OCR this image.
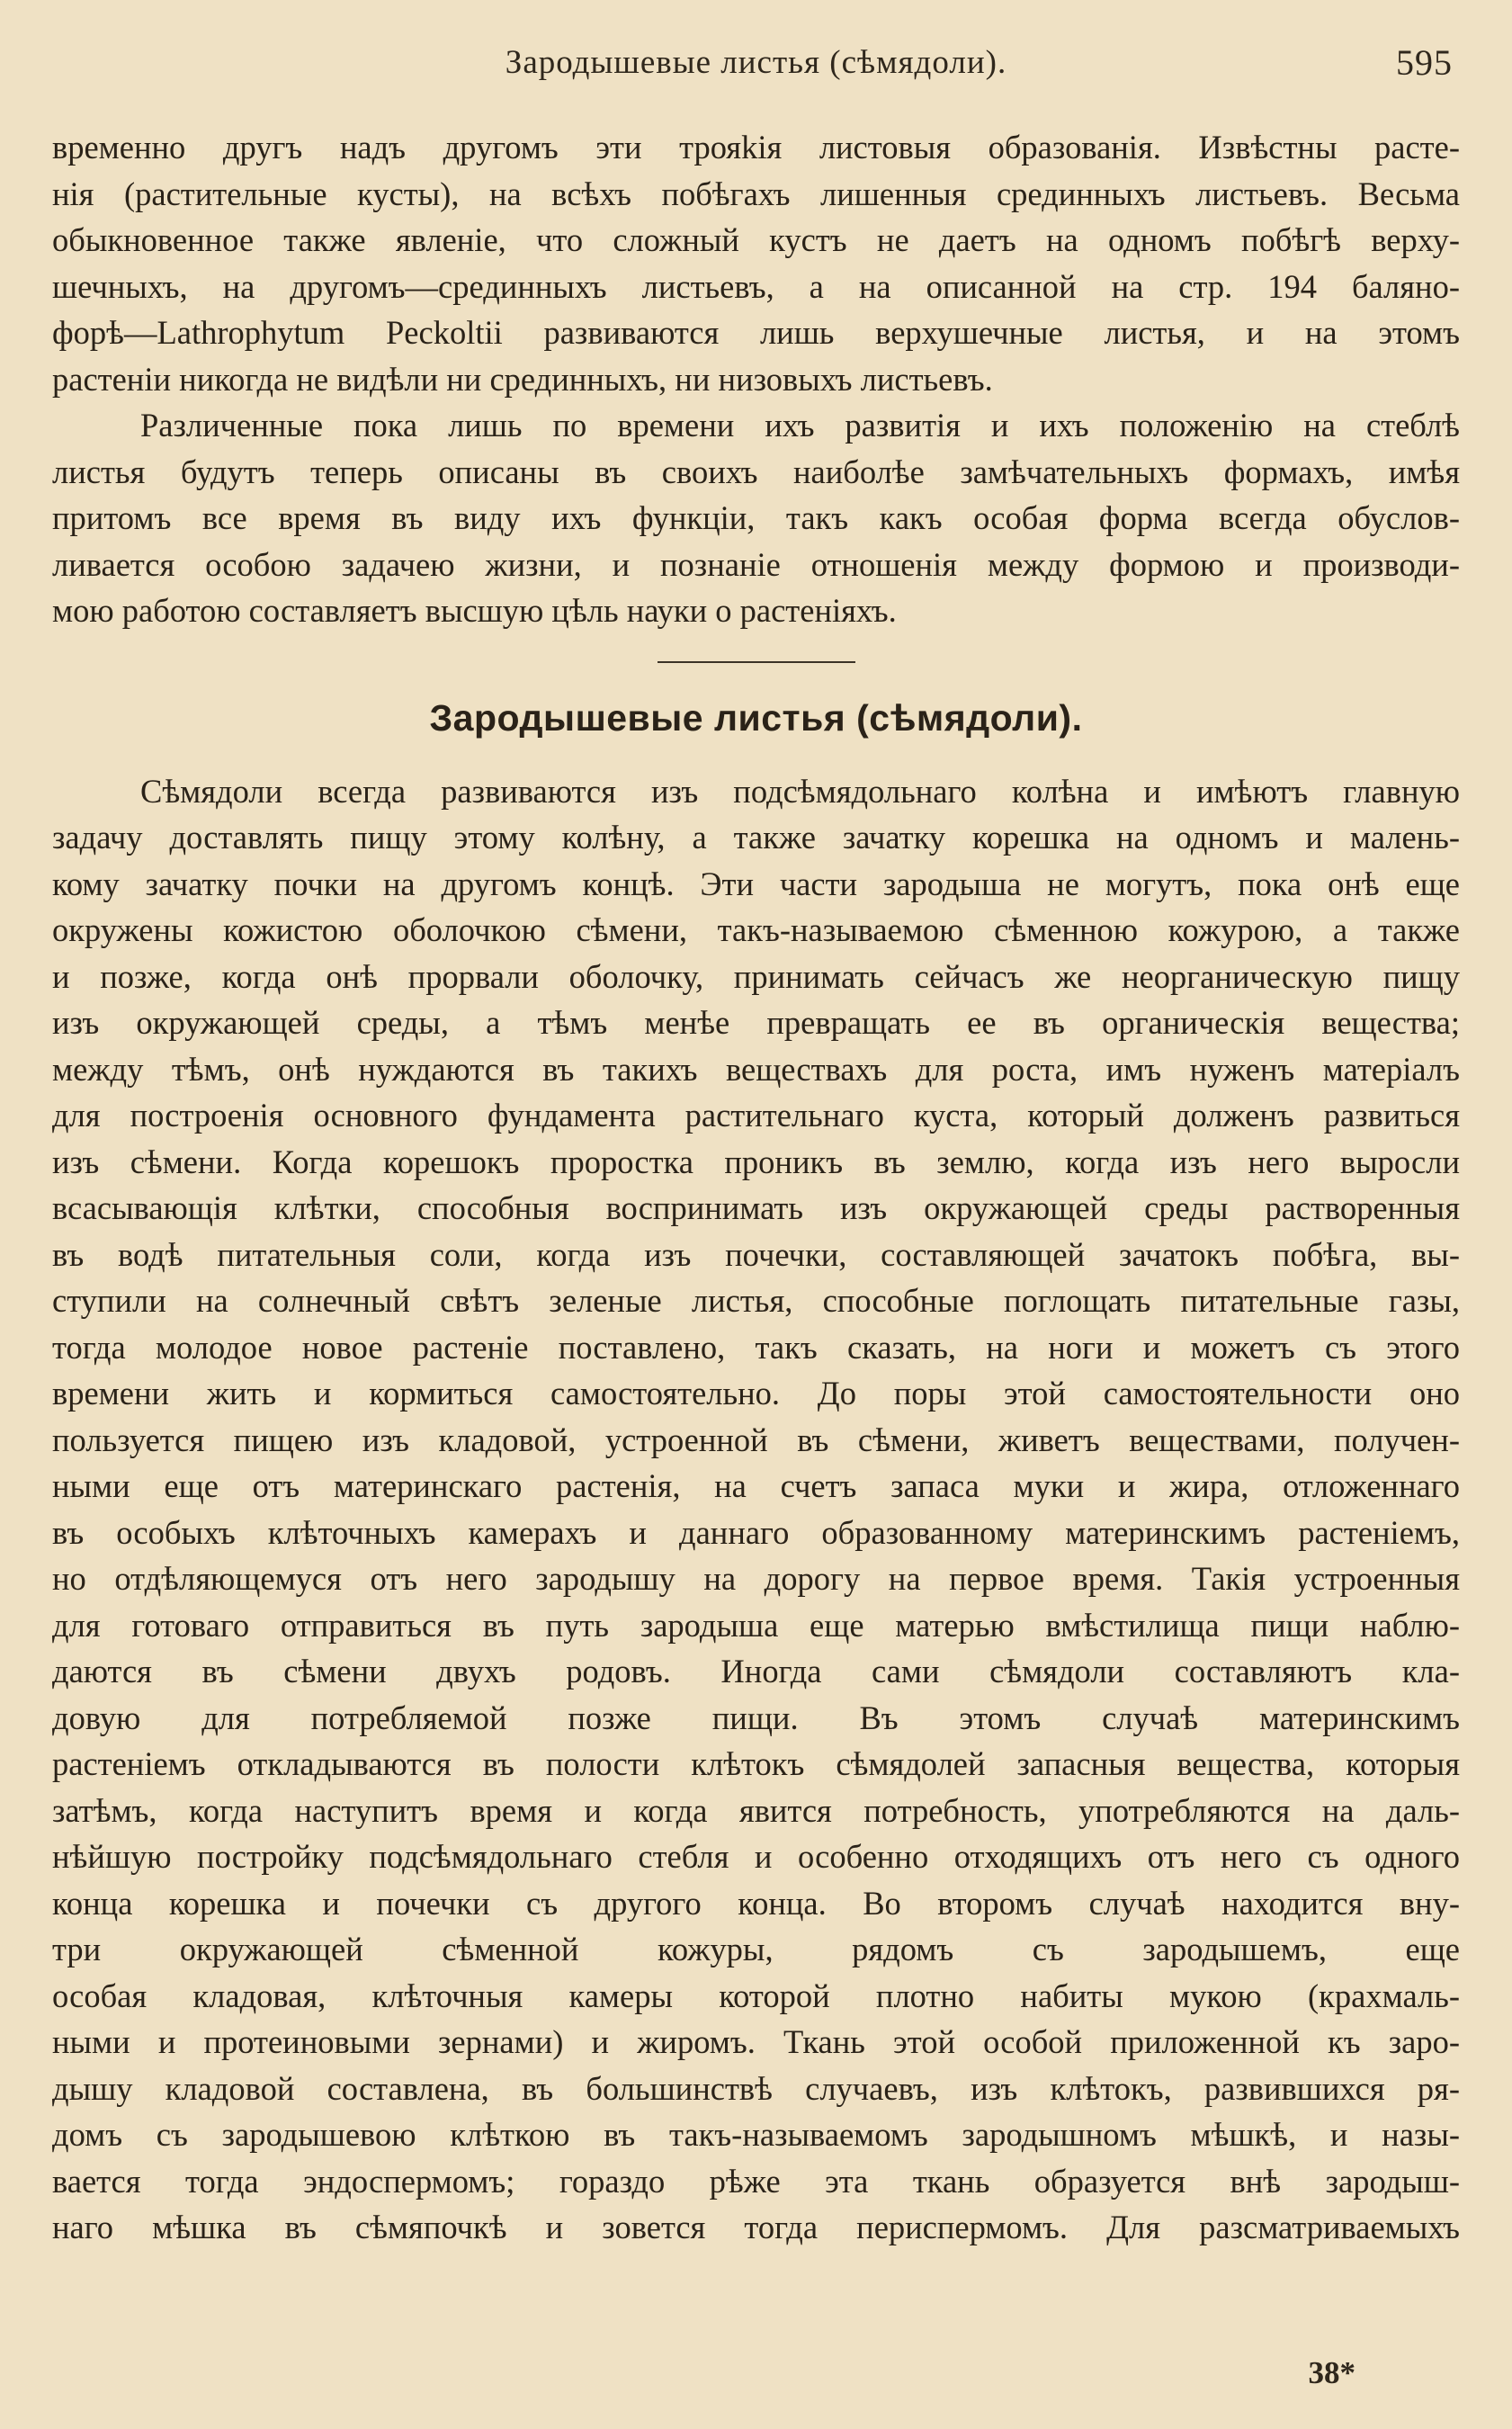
Зародышевые листья (сѣмядоли).	595
временно другъ надъ другомъ эти трояkія листовыя образованія. Извѣстны расте-
нія (растительные кусты), на всѣхъ побѣгахъ лишенныя срединныхъ листьевъ. Весьма
обыкновенное также явленіе, что сложный кустъ не даетъ на одномъ побѣгѣ верху-
шечныхъ, на другомъ—срединныхъ листьевъ, а на описанной на стр. 194 баляно-
форѣ—Lathrophytum Peckoltii развиваются лишь верхушечные листья, и на этомъ
растеніи никогда не видѣли ни срединныхъ, ни низовыхъ листьевъ.
Различенные пока лишь по времени ихъ развитія и ихъ положенію на стеблѣ
листья будутъ теперь описаны въ своихъ наиболѣе замѣчательныхъ формахъ, имѣя
притомъ все время въ виду ихъ функціи, такъ какъ особая форма всегда обуслов-
ливается особою задачею жизни, и познаніе отношенія между формою и производи-
мою работою составляетъ высшую цѣль науки о растеніяхъ.
Зародышевые листья (сѣмядоли).
Сѣмядоли всегда развиваются изъ подсѣмядольнаго колѣна и имѣютъ главную
задачу доставлять пищу этому колѣну, а также зачатку корешка на одномъ и малень-
кому зачатку почки на другомъ концѣ. Эти части зародыша не могутъ, пока онѣ еще
окружены кожистою оболочкою сѣмени, такъ-называемою сѣменною кожурою, а также
и позже, когда онѣ прорвали оболочку, принимать сейчасъ же неорганическую пищу
изъ окружающей среды, а тѣмъ менѣе превращать ее въ органическія вещества;
между тѣмъ, онѣ нуждаются въ такихъ веществахъ для роста, имъ нуженъ матеріалъ
для построенія основного фундамента растительнаго куста, который долженъ развиться
изъ сѣмени. Когда корешокъ проростка проникъ въ землю, когда изъ него выросли
всасывающія клѣтки, способныя воспринимать изъ окружающей среды растворенныя
въ водѣ питательныя соли, когда изъ почечки, составляющей зачатокъ побѣга, вы-
ступили на солнечный свѣтъ зеленые листья, способные поглощать питательные газы,
тогда молодое новое растеніе поставлено, такъ сказать, на ноги и можетъ съ этого
времени жить и кормиться самостоятельно. До поры этой самостоятельности оно
пользуется пищею изъ кладовой, устроенной въ сѣмени, живетъ веществами, получен-
ными еще отъ материнскаго растенія, на счетъ запаса муки и жира, отложеннаго
въ особыхъ клѣточныхъ камерахъ и даннаго образованному материнскимъ растеніемъ,
но отдѣляющемуся отъ него зародышу на дорогу на первое время. Такія устроенныя
для готоваго отправиться въ путь зародыша еще матерью вмѣстилища пищи наблю-
даются въ сѣмени двухъ родовъ. Иногда сами сѣмядоли составляютъ кла-
довую для потребляемой позже пищи. Въ этомъ случаѣ материнскимъ
растеніемъ откладываются въ полости клѣтокъ сѣмядолей запасныя вещества, которыя
затѣмъ, когда наступитъ время и когда явится потребность, употребляются на даль-
нѣйшую постройку подсѣмядольнаго стебля и особенно отходящихъ отъ него съ одного
конца корешка и почечки съ другого конца. Во второмъ случаѣ находится вну-
три окружающей сѣменной кожуры, рядомъ съ зародышемъ, еще
особая кладовая, клѣточныя камеры которой плотно набиты мукою (крахмаль-
ными и протеиновыми зернами) и жиромъ. Ткань этой особой приложенной къ заро-
дышу кладовой составлена, въ большинствѣ случаевъ, изъ клѣтокъ, развившихся ря-
домъ съ зародышевою клѣткою въ такъ-называемомъ зародышномъ мѣшкѣ, и назы-
вается тогда эндоспермомъ; гораздо рѣже эта ткань образуется внѣ зародыш-
наго мѣшка въ сѣмяпочкѣ и зовется тогда периспермомъ. Для разсматриваемыхъ
38*
